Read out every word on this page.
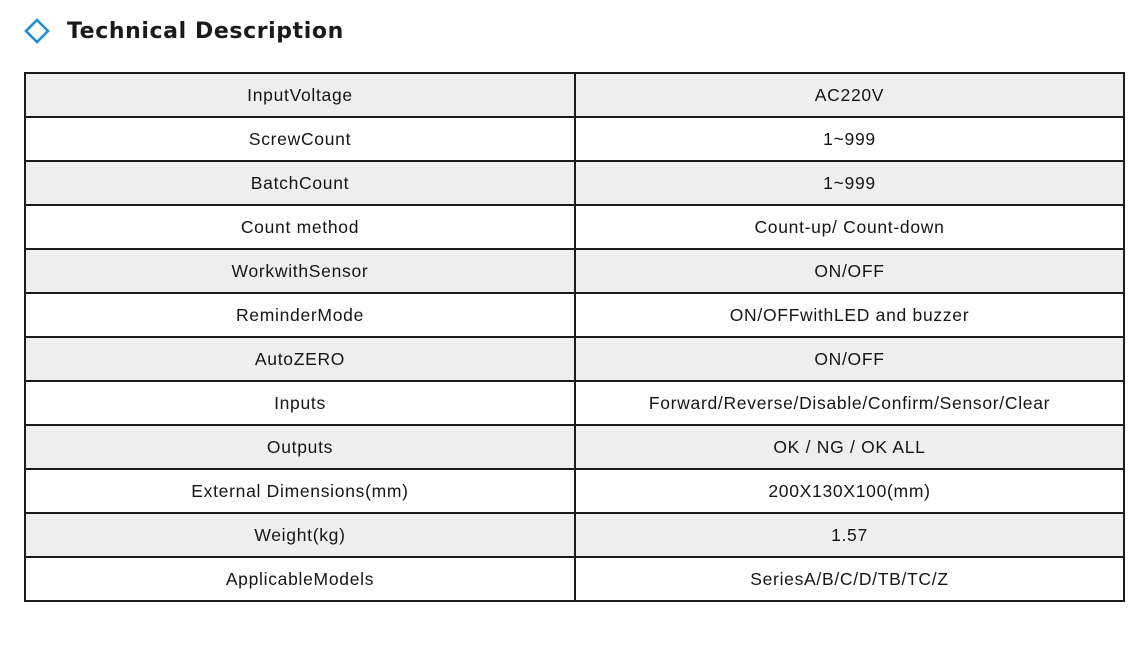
Technical Description
InputVoltage	AC220V
ScrewCount	1~999
BatchCount	1~999
Count method	Count-up/ Count-down
WorkwithSensor	ON/OFF
ReminderMode	ON/OFFwithLED and buzzer
AutoZERO	ON/OFF
Inputs	Forward/Reverse/Disable/Confirm/Sensor/Clear
Outputs	OK / NG / OK ALL
External Dimensions(mm)	200X130X100(mm)
Weight(kg)	1.57
ApplicableModels	SeriesA/B/C/D/TB/TC/Z
